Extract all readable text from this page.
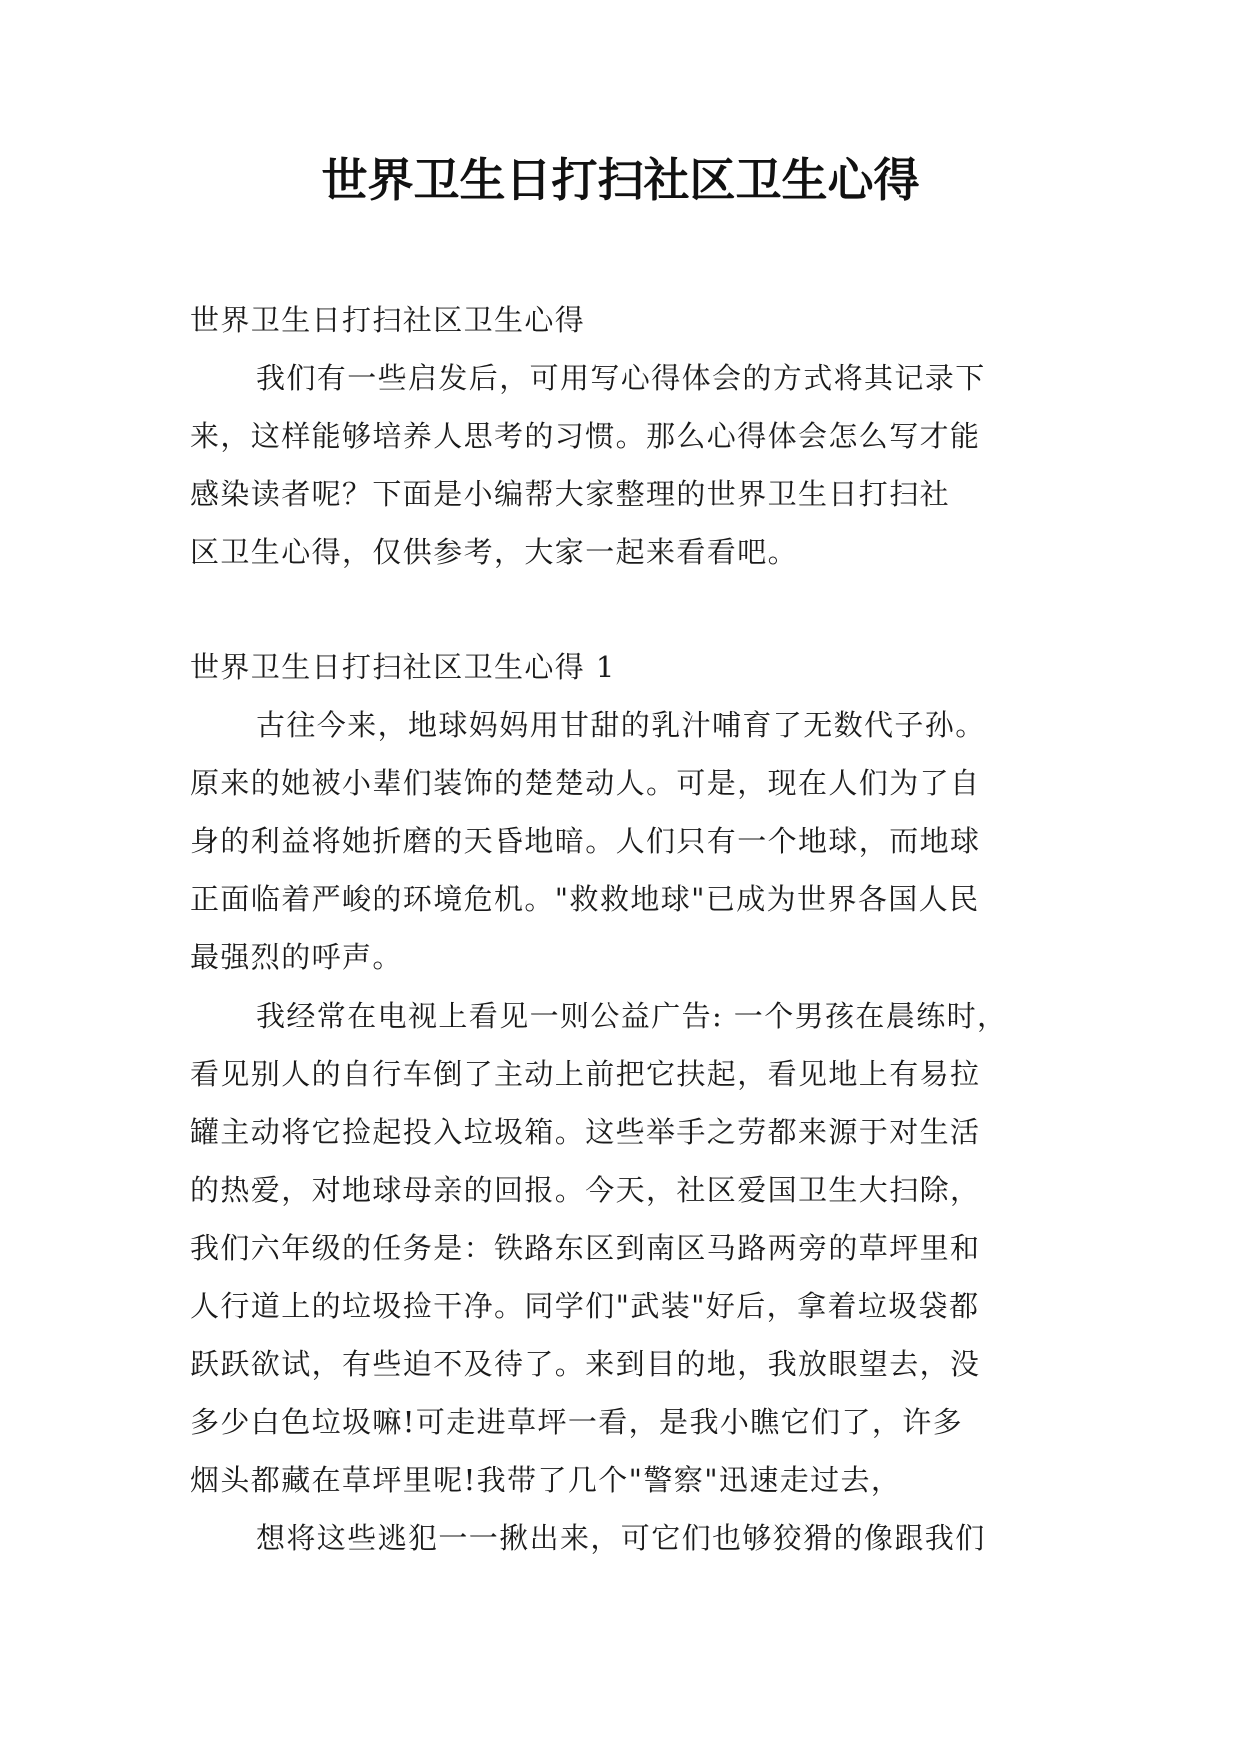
世界卫生日打扫社区卫生心得
世界卫生日打扫社区卫生心得
我们有一些启发后，可用写心得体会的方式将其记录下
来，这样能够培养人思考的习惯。那么心得体会怎么写才能
感染读者呢？下面是小编帮大家整理的世界卫生日打扫社
区卫生心得，仅供参考，大家一起来看看吧。
世界卫生日打扫社区卫生心得 1
古往今来，地球妈妈用甘甜的乳汁哺育了无数代子孙。
原来的她被小辈们装饰的楚楚动人。可是，现在人们为了自
身的利益将她折磨的天昏地暗。人们只有一个地球，而地球
正面临着严峻的环境危机。"救救地球"已成为世界各国人民
最强烈的呼声。
我经常在电视上看见一则公益广告: 一个男孩在晨练时，
看见别人的自行车倒了主动上前把它扶起，看见地上有易拉
罐主动将它捡起投入垃圾箱。这些举手之劳都来源于对生活
的热爱，对地球母亲的回报。今天，社区爱国卫生大扫除，
我们六年级的任务是：铁路东区到南区马路两旁的草坪里和
人行道上的垃圾捡干净。同学们"武装"好后，拿着垃圾袋都
跃跃欲试，有些迫不及待了。来到目的地，我放眼望去，没
多少白色垃圾嘛!可走进草坪一看，是我小瞧它们了，许多
烟头都藏在草坪里呢!我带了几个"警察"迅速走过去，
想将这些逃犯一一揪出来，可它们也够狡猾的像跟我们
